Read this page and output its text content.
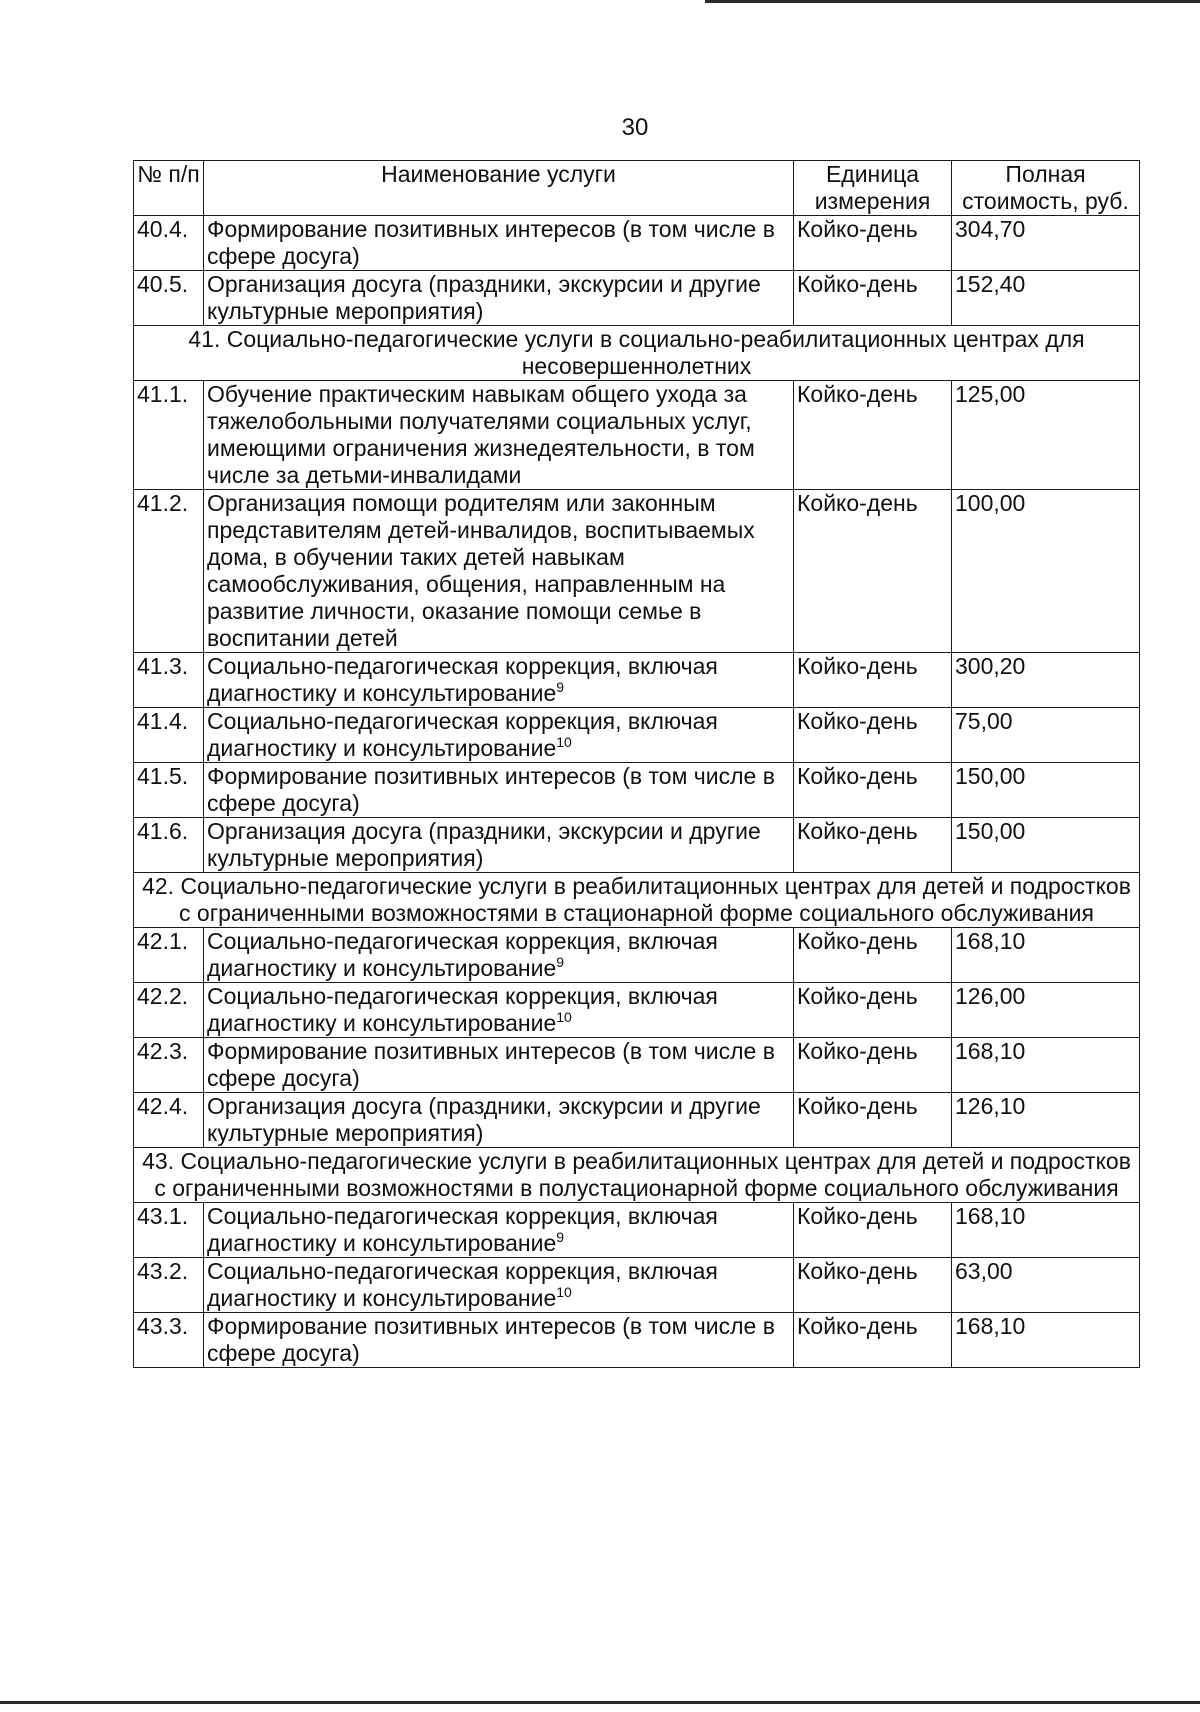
30
№ п/п	Наименование услуги	Единица измерения	Полная стоимость, руб.
40.4.	Формирование позитивных интересов (в том числе в сфере досуга)	Койко-день	304,70
40.5.	Организация досуга (праздники, экскурсии и другие культурные мероприятия)	Койко-день	152,40
41. Социально-педагогические услуги в социально-реабилитационных центрах для несовершеннолетних			
41.1.	Обучение практическим навыкам общего ухода за тяжелобольными получателями социальных услуг, имеющими ограничения жизнедеятельности, в том числе за детьми-инвалидами	Койко-день	125,00
41.2.	Организация помощи родителям или законным представителям детей-инвалидов, воспитываемых дома, в обучении таких детей навыкам самообслуживания, общения, направленным на развитие личности, оказание помощи семье в воспитании детей	Койко-день	100,00
41.3.	Социально-педагогическая коррекция, включая диагностику и консультирование$^9$	Койко-день	300,20
41.4.	Социально-педагогическая коррекция, включая диагностику и консультирование$^{10}$	Койко-день	75,00
41.5.	Формирование позитивных интересов (в том числе в сфере досуга)	Койко-день	150,00
41.6.	Организация досуга (праздники, экскурсии и другие культурные мероприятия)	Койко-день	150,00
42. Социально-педагогические услуги в реабилитационных центрах для детей и подростков с ограниченными возможностями в стационарной форме социального обслуживания			
42.1.	Социально-педагогическая коррекция, включая диагностику и консультирование$^9$	Койко-день	168,10
42.2.	Социально-педагогическая коррекция, включая диагностику и консультирование$^{10}$	Койко-день	126,00
42.3.	Формирование позитивных интересов (в том числе в сфере досуга)	Койко-день	168,10
42.4.	Организация досуга (праздники, экскурсии и другие культурные мероприятия)	Койко-день	126,10
43. Социально-педагогические услуги в реабилитационных центрах для детей и подростков с ограниченными возможностями в полустационарной форме социального обслуживания			
43.1.	Социально-педагогическая коррекция, включая диагностику и консультирование$^9$	Койко-день	168,10
43.2.	Социально-педагогическая коррекция, включая диагностику и консультирование$^{10}$	Койко-день	63,00
43.3.	Формирование позитивных интересов (в том числе в сфере досуга)	Койко-день	168,10
